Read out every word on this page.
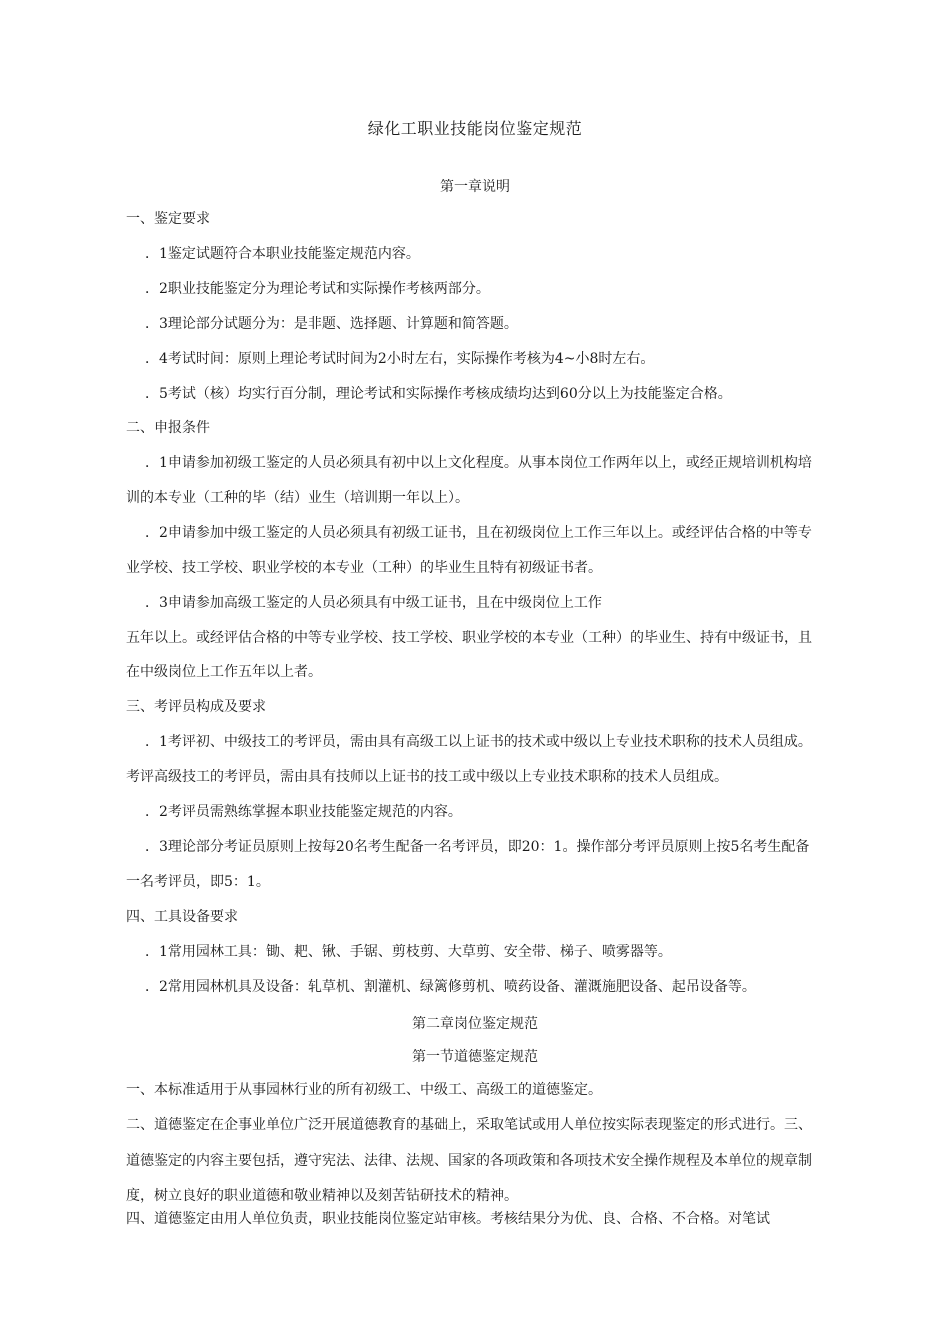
绿化工职业技能岗位鉴定规范
第一章说明
一、鉴定要求
．1鉴定试题符合本职业技能鉴定规范内容。
．2职业技能鉴定分为理论考试和实际操作考核两部分。
．3理论部分试题分为：是非题、选择题、计算题和简答题。
．4考试时间：原则上理论考试时间为2小时左右，实际操作考核为4~小8时左右。
．5考试（核）均实行百分制，理论考试和实际操作考核成绩均达到60分以上为技能鉴定合格。
二、申报条件
．1申请参加初级工鉴定的人员必须具有初中以上文化程度。从事本岗位工作两年以上，或经正规培训机构培
训的本专业（工种的毕（结）业生（培训期一年以上）。
．2申请参加中级工鉴定的人员必须具有初级工证书，且在初级岗位上工作三年以上。或经评估合格的中等专
业学校、技工学校、职业学校的本专业（工种）的毕业生且特有初级证书者。
．3申请参加高级工鉴定的人员必须具有中级工证书，且在中级岗位上工作
五年以上。或经评估合格的中等专业学校、技工学校、职业学校的本专业（工种）的毕业生、持有中级证书，且
在中级岗位上工作五年以上者。
三、考评员构成及要求
．1考评初、中级技工的考评员，需由具有高级工以上证书的技术或中级以上专业技术职称的技术人员组成。
考评高级技工的考评员，需由具有技师以上证书的技工或中级以上专业技术职称的技术人员组成。
．2考评员需熟练掌握本职业技能鉴定规范的内容。
．3理论部分考证员原则上按每20名考生配备一名考评员，即20：1。操作部分考评员原则上按5名考生配备
一名考评员，即5：1。
四、工具设备要求
．1常用园林工具：锄、耙、锹、手锯、剪枝剪、大草剪、安全带、梯子、喷雾器等。
．2常用园林机具及设备：轧草机、割灌机、绿篱修剪机、喷药设备、灌溉施肥设备、起吊设备等。
第二章岗位鉴定规范
第一节道德鉴定规范
一、本标准适用于从事园林行业的所有初级工、中级工、高级工的道德鉴定。
二、道德鉴定在企事业单位广泛开展道德教育的基础上，采取笔试或用人单位按实际表现鉴定的形式进行。三、
道德鉴定的内容主要包括，遵守宪法、法律、法规、国家的各项政策和各项技术安全操作规程及本单位的规章制
度，树立良好的职业道德和敬业精神以及刻苦钻研技术的精神。
四、道德鉴定由用人单位负责，职业技能岗位鉴定站审核。考核结果分为优、良、合格、不合格。对笔试
